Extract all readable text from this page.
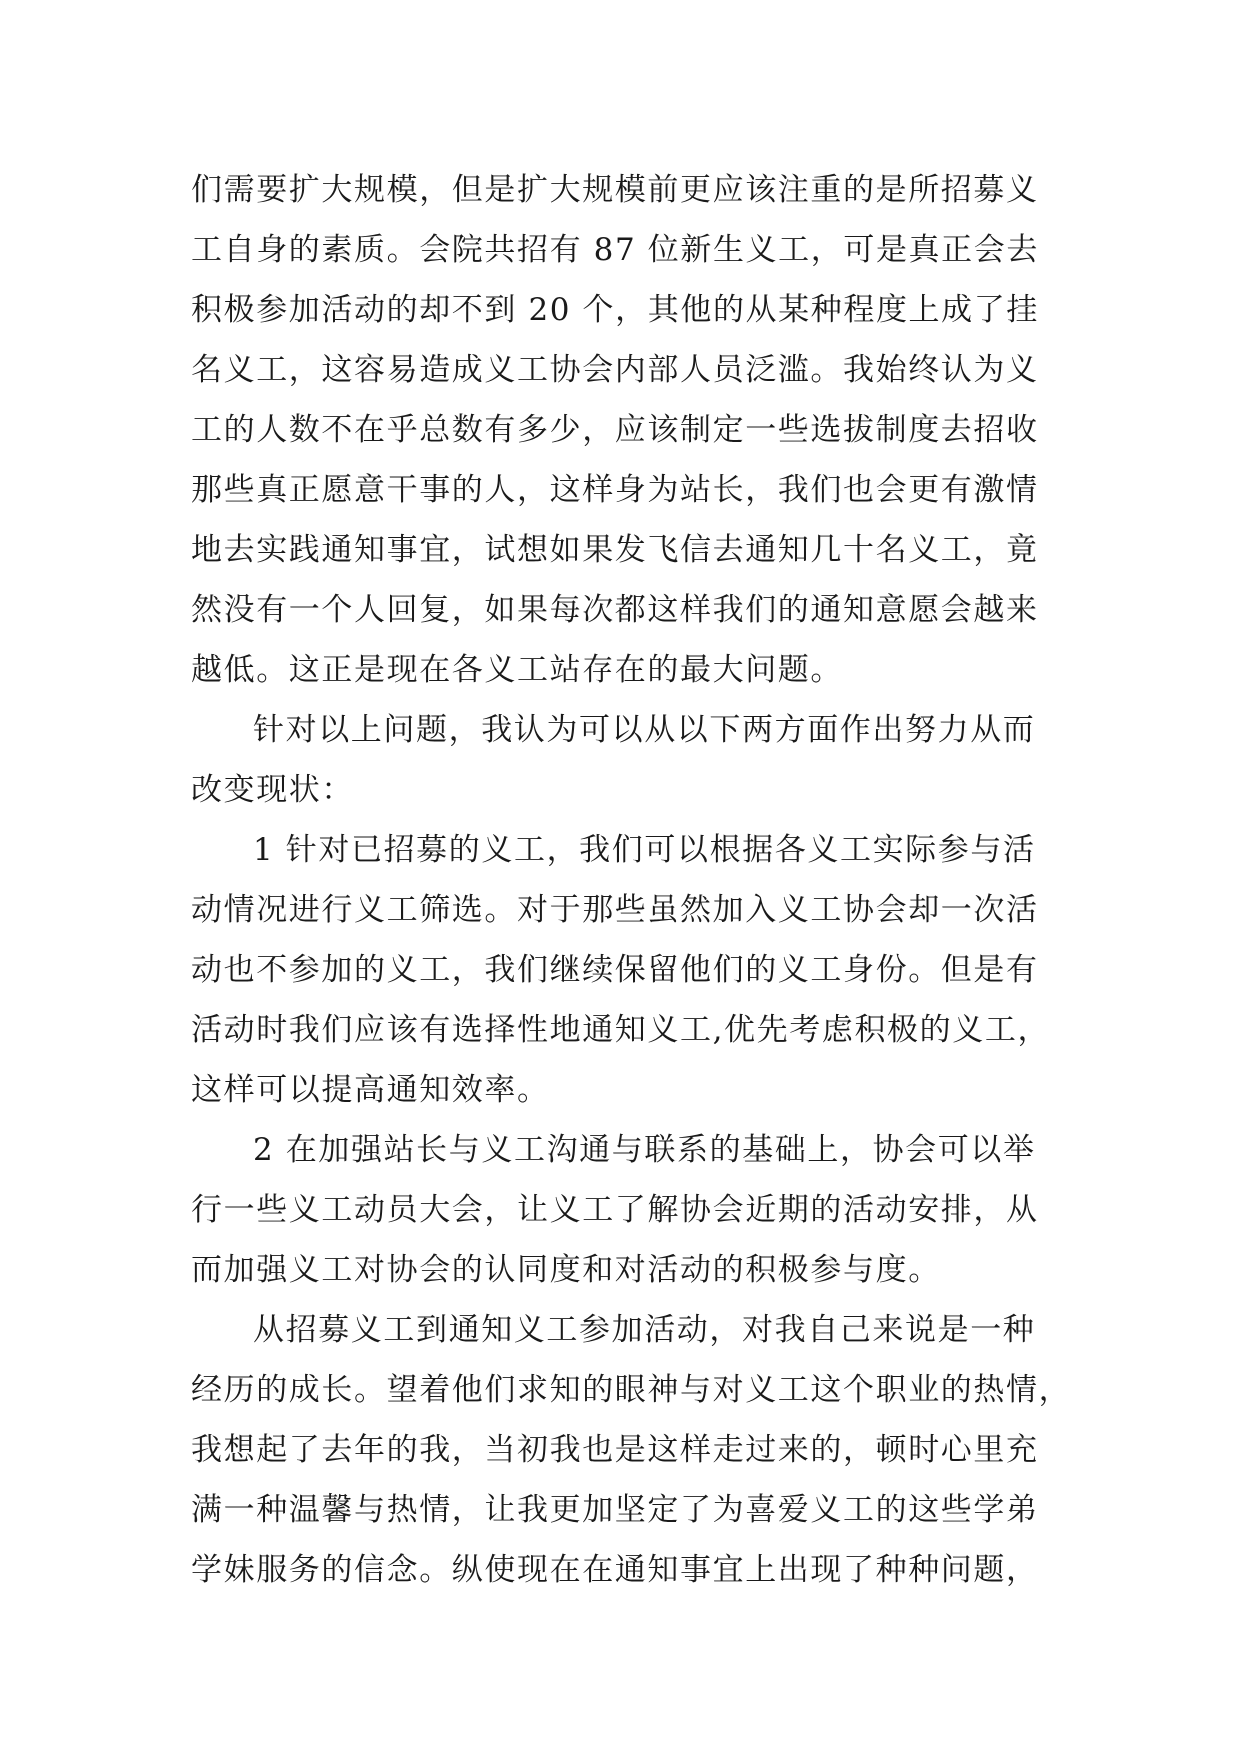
们需要扩大规模，但是扩大规模前更应该注重的是所招募义
工自身的素质。会院共招有 87 位新生义工，可是真正会去
积极参加活动的却不到 20 个，其他的从某种程度上成了挂
名义工，这容易造成义工协会内部人员泛滥。我始终认为义
工的人数不在乎总数有多少，应该制定一些选拔制度去招收
那些真正愿意干事的人，这样身为站长，我们也会更有激情
地去实践通知事宜，试想如果发飞信去通知几十名义工，竟
然没有一个人回复，如果每次都这样我们的通知意愿会越来
越低。这正是现在各义工站存在的最大问题。
针对以上问题，我认为可以从以下两方面作出努力从而
改变现状：
1 针对已招募的义工，我们可以根据各义工实际参与活
动情况进行义工筛选。对于那些虽然加入义工协会却一次活
动也不参加的义工，我们继续保留他们的义工身份。但是有
活动时我们应该有选择性地通知义工,优先考虑积极的义工，
这样可以提高通知效率。
2 在加强站长与义工沟通与联系的基础上，协会可以举
行一些义工动员大会，让义工了解协会近期的活动安排，从
而加强义工对协会的认同度和对活动的积极参与度。
从招募义工到通知义工参加活动，对我自己来说是一种
经历的成长。望着他们求知的眼神与对义工这个职业的热情，
我想起了去年的我，当初我也是这样走过来的，顿时心里充
满一种温馨与热情，让我更加坚定了为喜爱义工的这些学弟
学妹服务的信念。纵使现在在通知事宜上出现了种种问题，
